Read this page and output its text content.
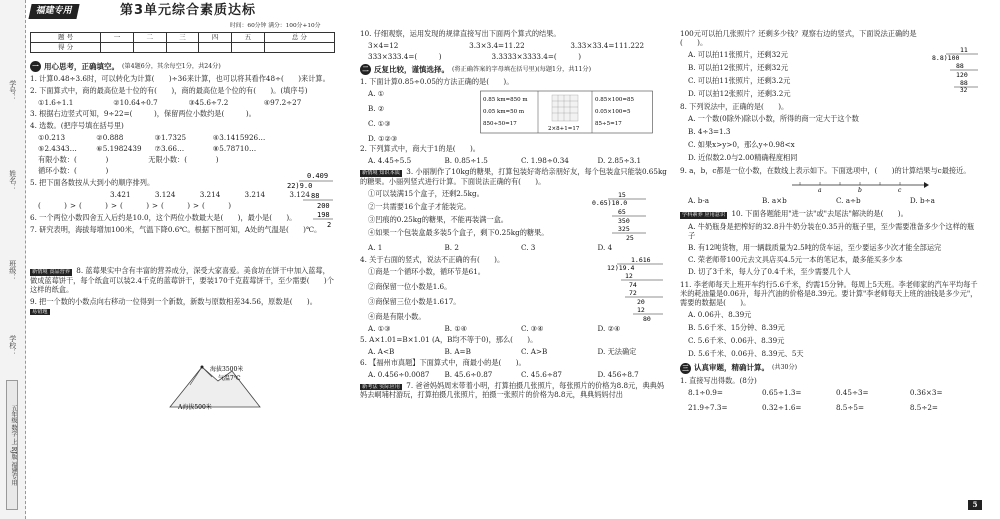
学号：
姓名：
班级：
学校：
五年级 数学 上 RJ版 福建专用
福建专用	第3单元综合素质达标
时间：60分钟 满分：100分+10分
题 号	一	二	三	四	五	总 分
得 分						
一 用心思考，正确填空。 (第4题6分，其余每空1分，共24分)
1. 计算0.48÷3.6时，可以转化为计算(　　)÷36来计算，也可以将其看作48÷(　　)来计算。
2. 下面算式中，商的最高位是十位的有(　　)，商的最高位是个位的有(　　)。(填序号)
①1.6÷1.1	②10.64÷0.7	③45.6÷7.2	④97.2÷27
3. 根据右边竖式可知，9÷22=(　　　)，保留两位小数约是(　　　)。
0.409
22)9.0
88
200
198
2
4. 选数。(把序号填在括号里)
①0.213	②0.888	③1.7325	④3.1415926…
⑤2.4343…	⑥5.1982439	⑦3.66…	⑧5.78710…
有限小数：(　　　　)	无限小数：(　　　　)
循环小数：(　　　　)
5. 把下面各数按从大到小的顺序排列。
3.421	3.124	3.214	3.214	3.124
(　　)>(　　)>(　　)>(　　)>(　　)
6. 一个两位小数四舍五入后约是10.0，这个两位小数最大是(　　)，最小是(　　)。
7. 研究表明，海拔每增加100米，气温下降0.6℃。根据下图可知，A处的气温是(　　)℃。
海拔3500米
气温7℃
A海拔500米
新情境 食品营养 8. 蓝莓果实中含有丰富的营养成分，深受大家喜爱。美食坊在饼干中加入蓝莓，做成蓝莓饼干，每个纸盒可以装2.4千克的蓝莓饼干，要装170千克蓝莓饼干，至少需要(　　)个这样的纸盒。
9. 把一个数的小数点向右移动一位得到一个新数，新数与原数相差34.56，原数是(　　)。 易错题
10. 仔细观察，运用发现的规律直接写出下面两个算式的结果。
3×4=12	3.3×3.4=11.22	3.33×33.4=111.222
333×333.4=(　　　)	3.3333×3333.4=(　　　)
二 反复比较，谨慎选择。 (将正确答案的字母填在括号里)(每题1分，共11分)
1. 下面计算0.85÷0.05的方法正确的是(　　)。
A. ①
B. ②
C. ①③
D. ①②③
0.85 km=850 m
0.05 km=50 m
850÷50=17
2×8+1=17
0.85×100=85
0.05×100=5
85÷5=17
2. 下列算式中，商大于1的是(　　)。
A. 4.45÷5.5	B. 0.85÷1.5	C. 1.98÷0.34	D. 2.85÷3.1
新情境 知识本质 3. 小丽制作了10kg的糖果，打算包装好寄给亲朋好友，每个包装盒只能装0.65kg的糖果。小丽列竖式进行计算。下面说法正确的有(　　)。
①可以装满15个盒子，还剩2.5kg。
②一共需要16个盒子才能装完。
③凹痕的0.25kg的糖果，不能再装满一盒。
④如果一个包装盒最多装5个盒子，剩下0.25kg的糖果。
15
0.65)10.0
65
350
325
25
A. 1	B. 2	C. 3	D. 4
4. 关于右面的竖式，说法不正确的有(　　)。
①商是一个循环小数，循环节是61。
②商保留一位小数是1.6。
③商保留三位小数是1.617。
④商是有限小数。
1.616
12)19.4
12
74
72
20
12
80
A. ①③	B. ①④	C. ③④	D. ②④
5. A×1.01=B×1.01 (A，B均不等于0)，那么(　　)。
A. A<B	B. A=B	C. A>B	D. 无法确定
6. 【福州市真题】下面算式中，商最小的是(　　)。
A. 0.456÷0.0087	B. 45.6÷0.87	C. 45.6÷87	D. 456÷8.7
新考法 实际应用 7. 爸爸妈妈周末带着小明，打算拍摄几张照片，每张照片的价格为8.8元，典典妈妈去峒埔村游玩，打算拍摄几张照片，拍摄一张照片的价格为8.8元，典典妈妈付出
100元可以拍几张照片？还剩多少钱？观察右边的竖式，下面说法正确的是(　　)。
A. 可以拍11张照片，还剩32元
B. 可以拍12张照片，还剩32元
C. 可以拍11张照片，还剩3.2元
D. 可以拍12张照片，还剩3.2元
11
8.8)100
88
120
88
32
8. 下列说法中，正确的是(　　)。
A. 一个数(0除外)除以小数，所得的商一定大于这个数
B. 4÷3=1.3̇
C. 如果x>y>0，那么y÷0.98<x
D. 近似数2.0与2.00精确程度相同
9. a，b，c都是一位小数，在数线上表示如下。下面选项中，(　　)的计算结果与c最接近。
a	b	c
A. b-a	B. a×b	C. a÷b	D. b÷a
学科素养 应用意识 10. 下面各题能用"进一法"或"去尾法"解决的是(　　)。
A. 牛奶瓶身是把榨好的32.8升牛奶分装在0.35升的瓶子里，至少需要准备多少个这样的瓶子
B. 有12吨货物，用一辆载质量为2.5吨的货车运，至少要运多少次才能全部运完
C. 荣老师带100元去文具店买4.5元一本的笔记本，最多能买多少本
D. 切了3千米，每人分了0.4千米，至少需要几个人
11. 李老师每天上班开车约行5.6千米，约需15分钟。每周上5天班。李老师家的汽车平均每千米的耗油量是0.06升，每升汽油的价格是8.39元。要计算"李老师每天上班的油钱是多少元"，需要的数据是(　　)。
A. 0.06升、8.39元
B. 5.6千米、15分钟、8.39元
C. 5.6千米、0.06升、8.39元
D. 5.6千米、0.06升、8.39元、5天
三 认真审题，精确计算。 (共30分)
1. 直接写出得数。(8分)
8.1÷0.9=	0.65÷1.3=	0.45÷3=	0.36×3=
21.9÷7.3=	0.32÷1.6=	8.5÷5=	8.5÷2=
5
